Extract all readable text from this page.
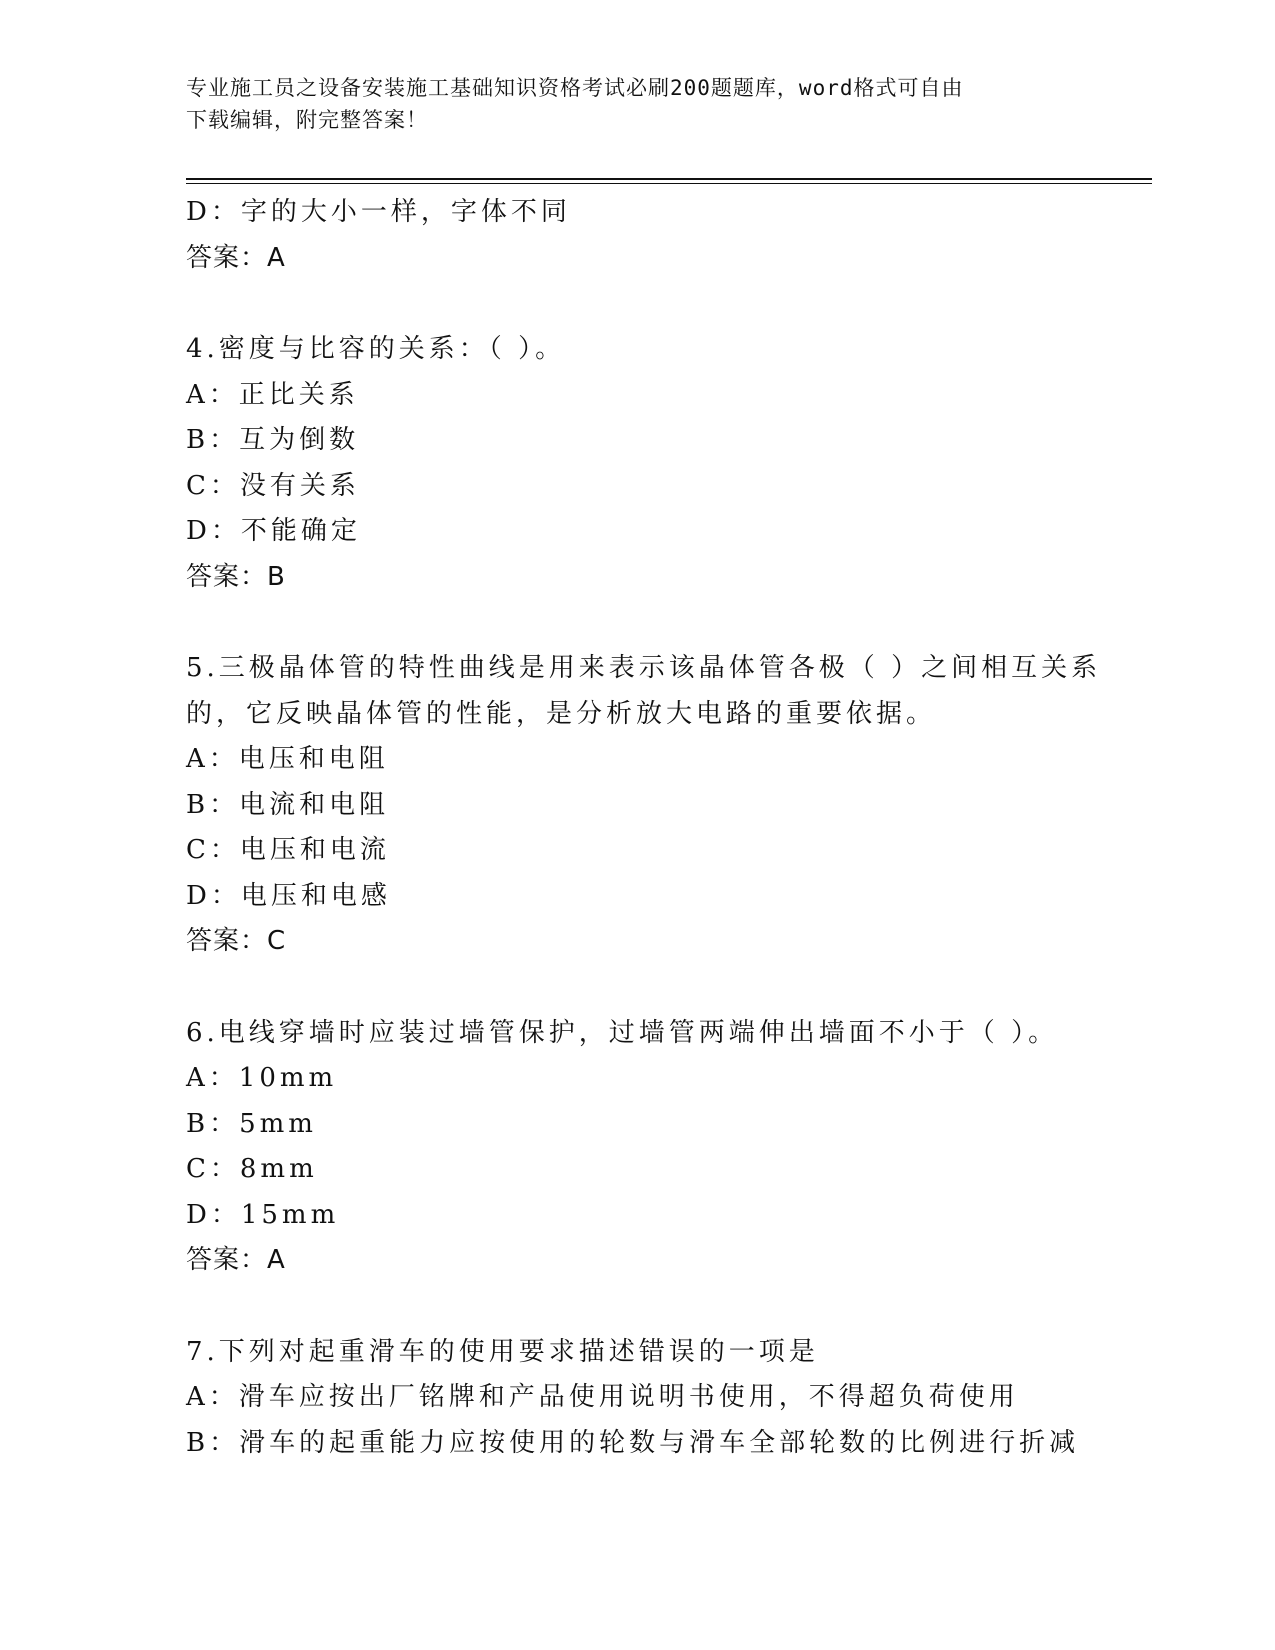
专业施工员之设备安装施工基础知识资格考试必刷200题题库，word格式可自由
下载编辑，附完整答案！
D：字的大小一样，字体不同
答案：A
4.密度与比容的关系：（ ）。
A：正比关系
B：互为倒数
C：没有关系
D：不能确定
答案：B
5.三极晶体管的特性曲线是用来表示该晶体管各极（ ）之间相互关系
的，它反映晶体管的性能，是分析放大电路的重要依据。
A：电压和电阻
B：电流和电阻
C：电压和电流
D：电压和电感
答案：C
6.电线穿墙时应装过墙管保护，过墙管两端伸出墙面不小于（ ）。
A：10mm
B：5mm
C：8mm
D：15mm
答案：A
7.下列对起重滑车的使用要求描述错误的一项是
A：滑车应按出厂铭牌和产品使用说明书使用，不得超负荷使用
B：滑车的起重能力应按使用的轮数与滑车全部轮数的比例进行折减
